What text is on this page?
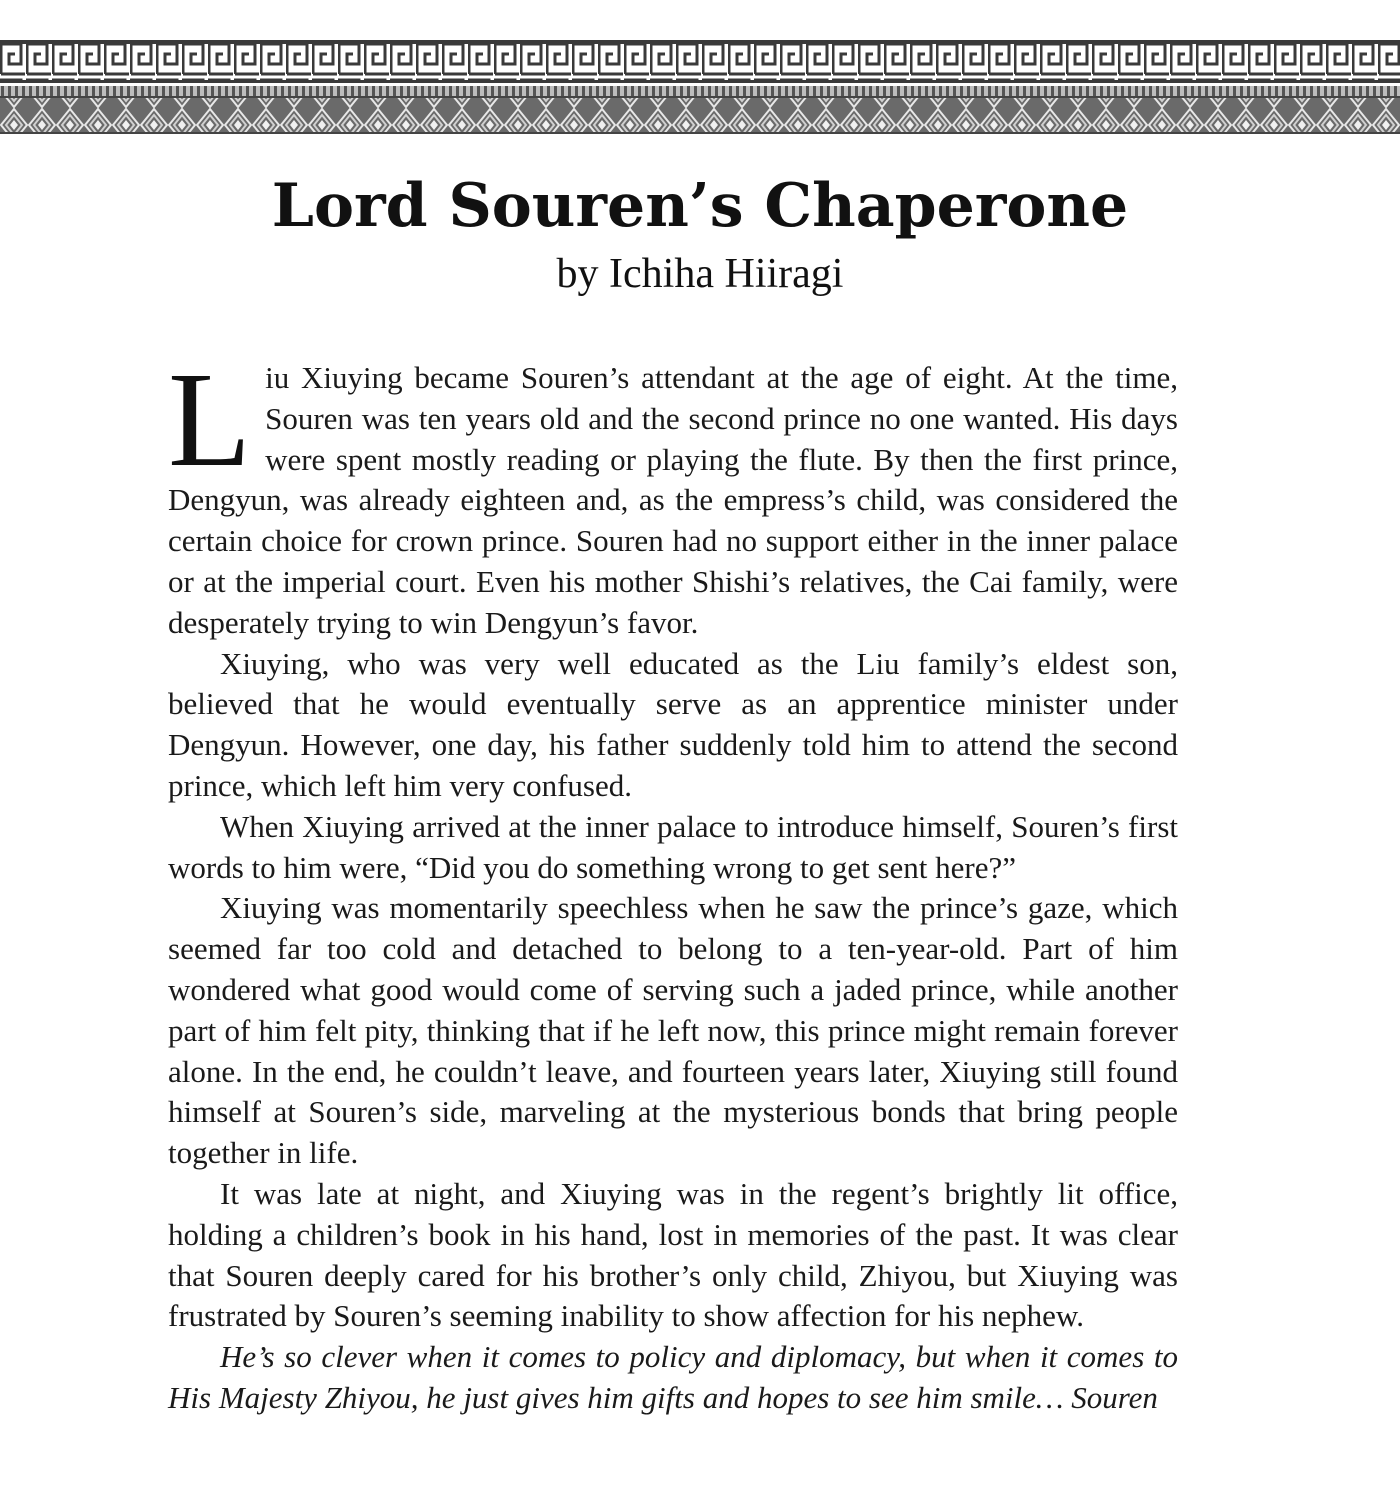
Lord Souren’s Chaperone
by Ichiha Hiiragi
L iu Xiuying became Souren’s attendant at the age of eight. At the time, Souren was ten years old and the second prince no one wanted. His days were spent mostly reading or playing the flute. By then the first prince, Dengyun, was already eighteen and, as the empress’s child, was considered the certain choice for crown prince. Souren had no support either in the inner palace or at the imperial court. Even his mother Shishi’s relatives, the Cai family, were desperately trying to win Dengyun’s favor.

Xiuying, who was very well educated as the Liu family’s eldest son, believed that he would eventually serve as an apprentice minister under Dengyun. However, one day, his father suddenly told him to attend the second prince, which left him very confused.

When Xiuying arrived at the inner palace to introduce himself, Souren’s first words to him were, “Did you do something wrong to get sent here?”

Xiuying was momentarily speechless when he saw the prince’s gaze, which seemed far too cold and detached to belong to a ten-year-old. Part of him wondered what good would come of serving such a jaded prince, while another part of him felt pity, thinking that if he left now, this prince might remain forever alone. In the end, he couldn’t leave, and fourteen years later, Xiuying still found himself at Souren’s side, marveling at the mysterious bonds that bring people together in life.

It was late at night, and Xiuying was in the regent’s brightly lit office, holding a children’s book in his hand, lost in memories of the past. It was clear that Souren deeply cared for his brother’s only child, Zhiyou, but Xiuying was frustrated by Souren’s seeming inability to show affection for his nephew.

He’s so clever when it comes to policy and diplomacy, but when it comes to His Majesty Zhiyou, he just gives him gifts and hopes to see him smile… Souren
